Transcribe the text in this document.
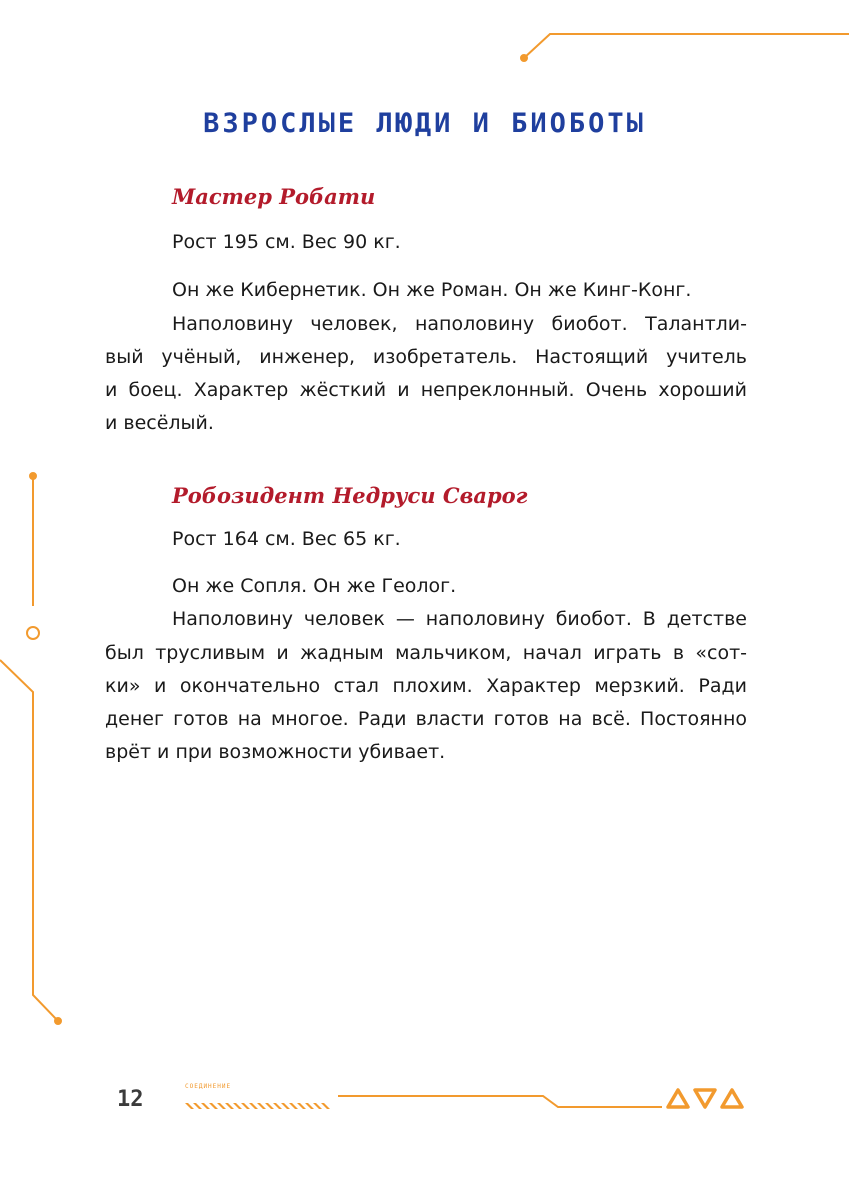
ВЗРОСЛЫЕ ЛЮДИ И БИОБОТЫ
Мастер Робати
Рост 195 см. Вес 90 кг.
Он же Кибернетик. Он же Роман. Он же Кинг-Конг.
Наполовину человек, наполовину биобот. Талантли-
вый учёный, инженер, изобретатель. Настоящий учитель
и боец. Характер жёсткий и непреклонный. Очень хороший
и весёлый.
Робозидент Недруси Сварог
Рост 164 см. Вес 65 кг.
Он же Сопля. Он же Геолог.
Наполовину человек — наполовину биобот. В детстве
был трусливым и жадным мальчиком, начал играть в «сот-
ки» и окончательно стал плохим. Характер мерзкий. Ради
денег готов на многое. Ради власти готов на всё. Постоянно
врёт и при возможности убивает.
12
СОЕДИНЕНИЕ
